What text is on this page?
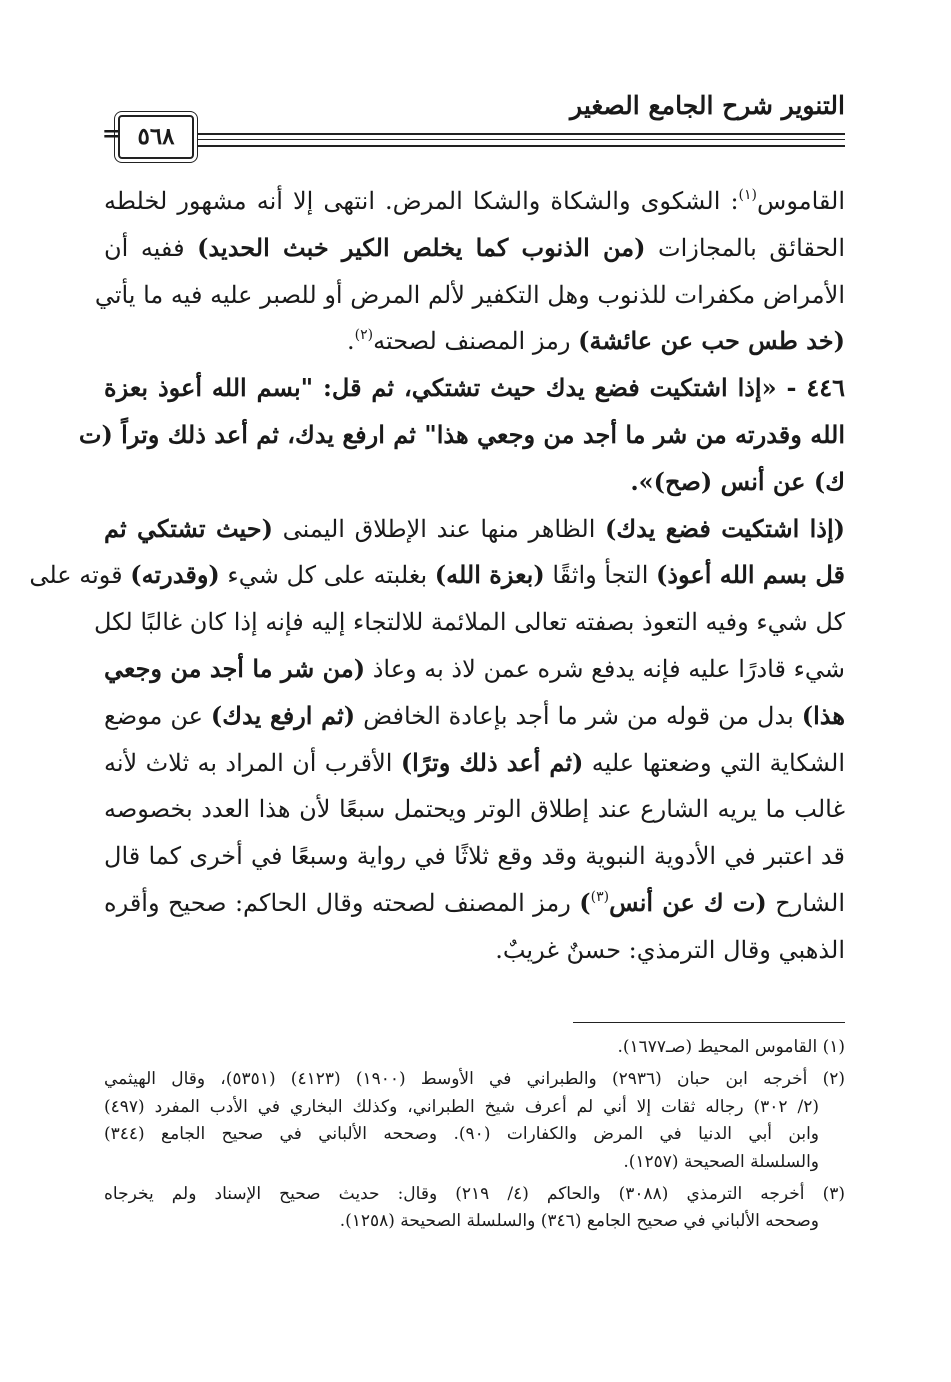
التنوير شرح الجامع الصغير
٥٦٨
=
القاموس$^{(١)}$: الشكوى والشكاة والشكا المرض. انتهى إلا أنه مشهور لخلطه
الحقائق بالمجازات (من الذنوب كما يخلص الكير خبث الحديد) ففيه أن
الأمراض مكفرات للذنوب وهل التكفير لألم المرض أو للصبر عليه فيه ما يأتي
(خد طس حب عن عائشة) رمز المصنف لصحته$^{(٢)}$.
٤٤٦ - «إذا اشتكيت فضع يدك حيث تشتكي، ثم قل: "بسم الله أعوذ بعزة
الله وقدرته من شر ما أجد من وجعي هذا" ثم ارفع يدك، ثم أعد ذلك وتراً (ت
ك) عن أنس (صح)».
(إذا اشتكيت فضع يدك) الظاهر منها عند الإطلاق اليمنى (حيث تشتكي ثم
قل بسم الله أعوذ) التجأ واثقًا (بعزة الله) بغلبته على كل شيء (وقدرته) قوته على
كل شيء وفيه التعوذ بصفته تعالى الملائمة للالتجاء إليه فإنه إذا كان غالبًا لكل
شيء قادرًا عليه فإنه يدفع شره عمن لاذ به وعاذ (من شر ما أجد من وجعي
هذا) بدل من قوله من شر ما أجد بإعادة الخافض (ثم ارفع يدك) عن موضع
الشكاية التي وضعتها عليه (ثم أعد ذلك وترًا) الأقرب أن المراد به ثلاث لأنه
غالب ما يريه الشارع عند إطلاق الوتر ويحتمل سبعًا لأن هذا العدد بخصوصه
قد اعتبر في الأدوية النبوية وقد وقع ثلاثًا في رواية وسبعًا في أخرى كما قال
الشارح (ت ك عن أنس$^{(٣)}$) رمز المصنف لصحته وقال الحاكم: صحيح وأقره
الذهبي وقال الترمذي: حسنٌ غريبٌ.
(١) القاموس المحيط (صـ١٦٧٧).
(٢) أخرجه ابن حبان (٢٩٣٦) والطبراني في الأوسط (١٩٠٠) (٤١٢٣) (٥٣٥١)، وقال الهيثمي
(٢/ ٣٠٢) رجاله ثقات إلا أني لم أعرف شيخ الطبراني، وكذلك البخاري في الأدب المفرد (٤٩٧)
وابن أبي الدنيا في المرض والكفارات (٩٠). وصححه الألباني في صحيح الجامع (٣٤٤)
والسلسلة الصحيحة (١٢٥٧).
(٣) أخرجه الترمذي (٣٠٨٨) والحاكم (٤/ ٢١٩) وقال: حديث صحيح الإسناد ولم يخرجاه
وصححه الألباني في صحيح الجامع (٣٤٦) والسلسلة الصحيحة (١٢٥٨).
